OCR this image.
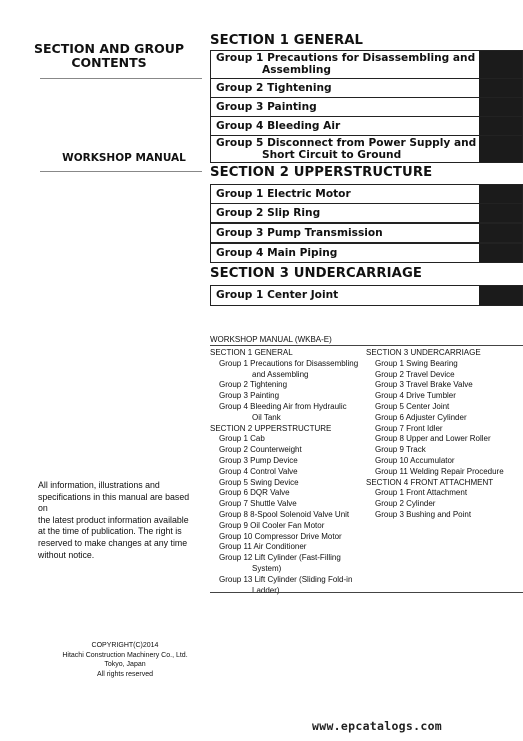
SECTION AND GROUP
CONTENTS
WORKSHOP MANUAL
All information, illustrations and
specifications in this manual are based on
the latest product information available
at the time of publication. The right is
reserved to make changes at any time
without notice.
COPYRIGHT(C)2014
Hitachi Construction Machinery Co., Ltd.
Tokyo, Japan
All rights reserved
SECTION 1 GENERAL
Group 1 Precautions for Disassembling and
Assembling
Group 2 Tightening
Group 3 Painting
Group 4 Bleeding Air
Group 5 Disconnect from Power Supply and
Short Circuit to Ground
SECTION 2 UPPERSTRUCTURE
Group 1 Electric Motor
Group 2 Slip Ring
Group 3 Pump Transmission
Group 4 Main Piping
SECTION 3 UNDERCARRIAGE
Group 1 Center Joint
WORKSHOP MANUAL (WKBA-E)
SECTION 1 GENERAL
Group 1 Precautions for Disassembling
and Assembling
Group 2 Tightening
Group 3 Painting
Group 4 Bleeding Air from Hydraulic
Oil Tank
SECTION 2 UPPERSTRUCTURE
Group 1 Cab
Group 2 Counterweight
Group 3 Pump Device
Group 4 Control Valve
Group 5 Swing Device
Group 6 DQR Valve
Group 7 Shuttle Valve
Group 8 8-Spool Solenoid Valve Unit
Group 9 Oil Cooler Fan Motor
Group 10 Compressor Drive Motor
Group 11 Air Conditioner
Group 12 Lift Cylinder (Fast-Filling
System)
Group 13 Lift Cylinder (Sliding Fold-in
Ladder)
SECTION 3 UNDERCARRIAGE
Group 1 Swing Bearing
Group 2 Travel Device
Group 3 Travel Brake Valve
Group 4 Drive Tumbler
Group 5 Center Joint
Group 6 Adjuster Cylinder
Group 7 Front Idler
Group 8 Upper and Lower Roller
Group 9 Track
Group 10 Accumulator
Group 11 Welding Repair Procedure
SECTION 4 FRONT ATTACHMENT
Group 1 Front Attachment
Group 2 Cylinder
Group 3 Bushing and Point
www.epcatalogs.com
